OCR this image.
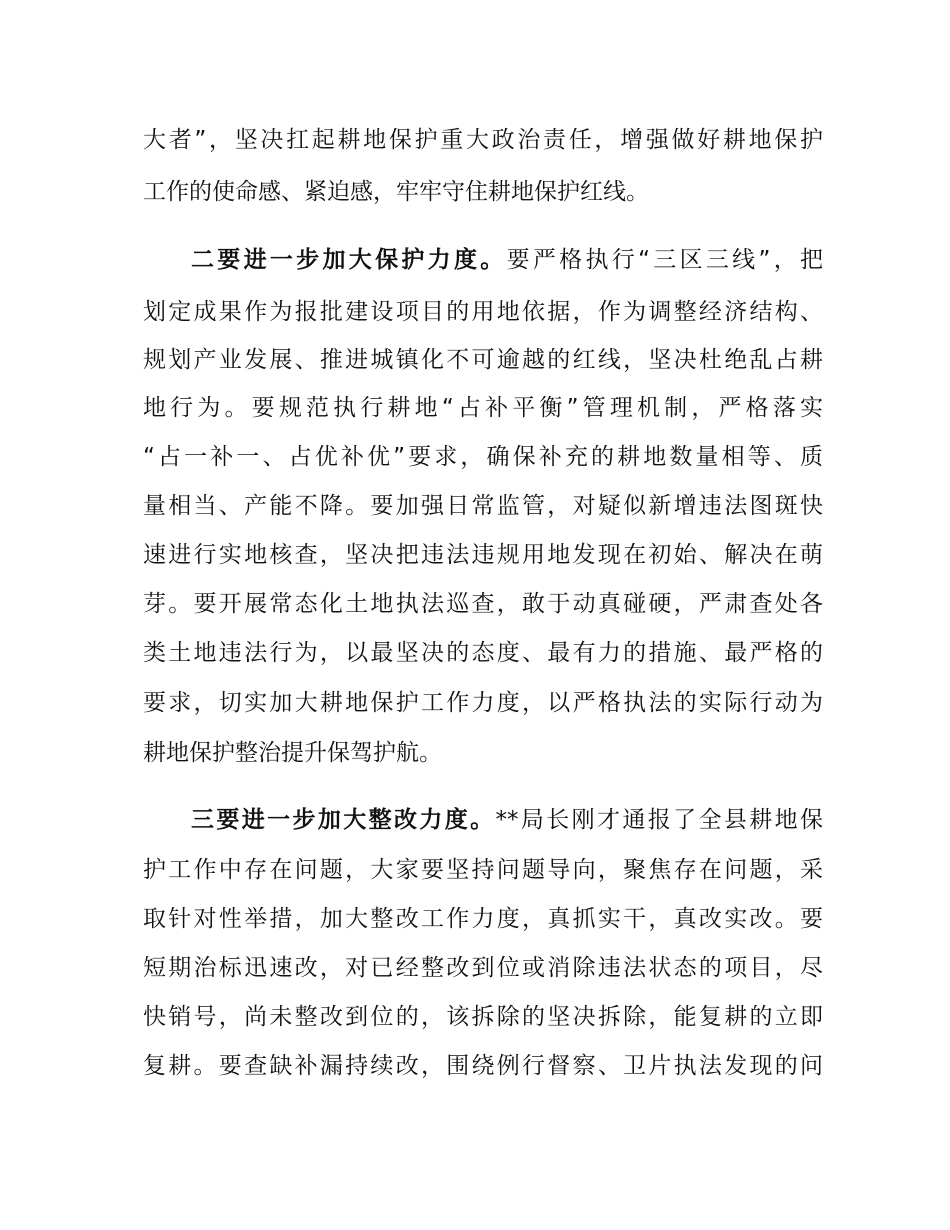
大者”，坚决扛起耕地保护重大政治责任，增强做好耕地保护

工作的使命感、紧迫感，牢牢守住耕地保护红线。

二要进一步加大保护力度。要严格执行“三区三线”，把

划定成果作为报批建设项目的用地依据，作为调整经济结构、

规划产业发展、推进城镇化不可逾越的红线，坚决杜绝乱占耕

地行为。要规范执行耕地“占补平衡”管理机制，严格落实

“占一补一、占优补优”要求，确保补充的耕地数量相等、质

量相当、产能不降。要加强日常监管，对疑似新增违法图斑快

速进行实地核查，坚决把违法违规用地发现在初始、解决在萌

芽。要开展常态化土地执法巡查，敢于动真碰硬，严肃查处各

类土地违法行为，以最坚决的态度、最有力的措施、最严格的

要求，切实加大耕地保护工作力度，以严格执法的实际行动为

耕地保护整治提升保驾护航。

三要进一步加大整改力度。**局长刚才通报了全县耕地保

护工作中存在问题，大家要坚持问题导向，聚焦存在问题，采

取针对性举措，加大整改工作力度，真抓实干，真改实改。要

短期治标迅速改，对已经整改到位或消除违法状态的项目，尽

快销号，尚未整改到位的，该拆除的坚决拆除，能复耕的立即

复耕。要查缺补漏持续改，围绕例行督察、卫片执法发现的问
